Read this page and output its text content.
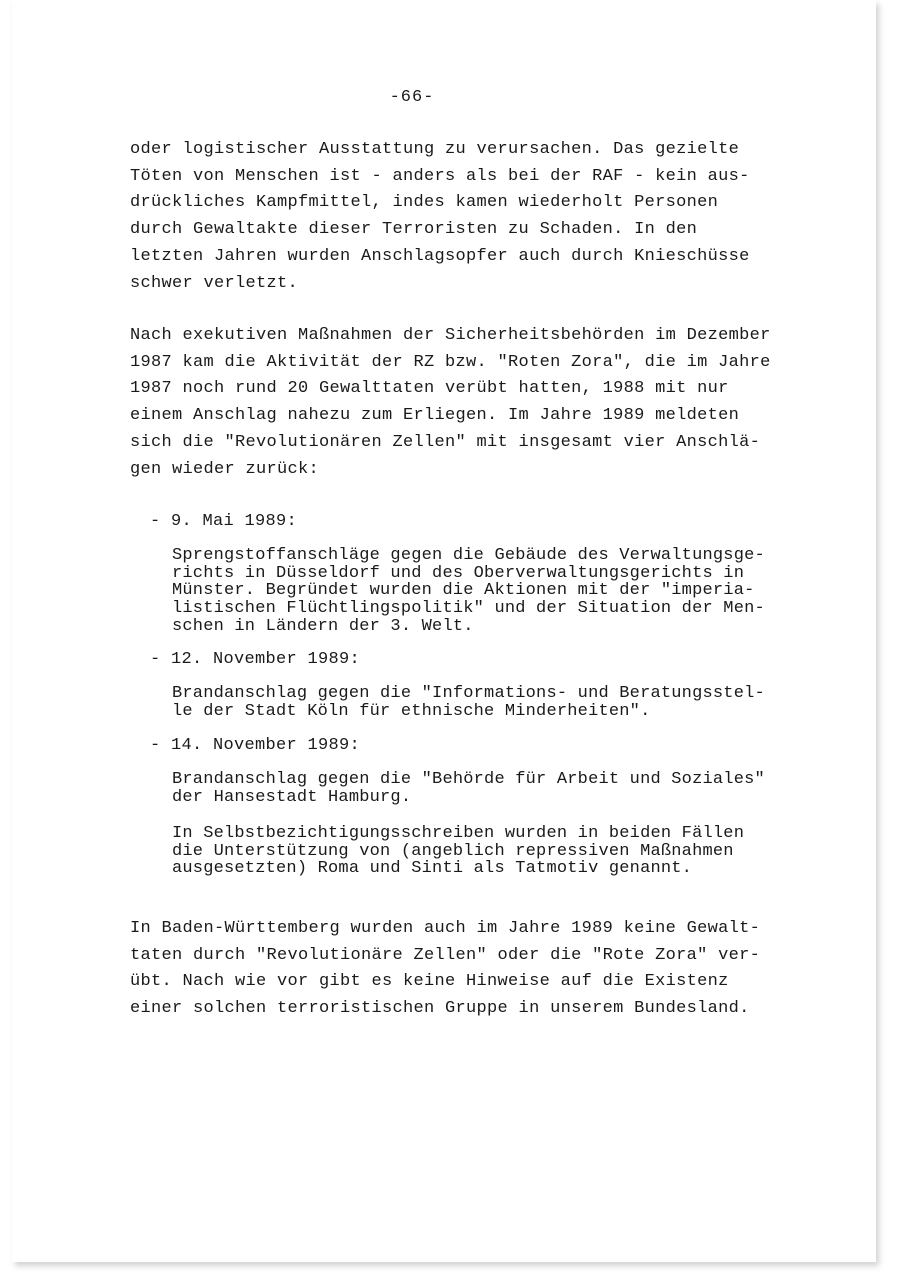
-66-

oder logistischer Ausstattung zu verursachen. Das gezielte
Töten von Menschen ist - anders als bei der RAF - kein aus-
drückliches Kampfmittel, indes kamen wiederholt Personen
durch Gewaltakte dieser Terroristen zu Schaden. In den
letzten Jahren wurden Anschlagsopfer auch durch Knieschüsse
schwer verletzt.

Nach exekutiven Maßnahmen der Sicherheitsbehörden im Dezember
1987 kam die Aktivität der RZ bzw. "Roten Zora", die im Jahre
1987 noch rund 20 Gewalttaten verübt hatten, 1988 mit nur
einem Anschlag nahezu zum Erliegen. Im Jahre 1989 meldeten
sich die "Revolutionären Zellen" mit insgesamt vier Anschlä-
gen wieder zurück:

- 9. Mai 1989:

Sprengstoffanschläge gegen die Gebäude des Verwaltungsge-
richts in Düsseldorf und des Oberverwaltungsgerichts in
Münster. Begründet wurden die Aktionen mit der "imperia-
listischen Flüchtlingspolitik" und der Situation der Men-
schen in Ländern der 3. Welt.

- 12. November 1989:

Brandanschlag gegen die "Informations- und Beratungsstel-
le der Stadt Köln für ethnische Minderheiten".

- 14. November 1989:

Brandanschlag gegen die "Behörde für Arbeit und Soziales"
der Hansestadt Hamburg.

In Selbstbezichtigungsschreiben wurden in beiden Fällen
die Unterstützung von (angeblich repressiven Maßnahmen
ausgesetzten) Roma und Sinti als Tatmotiv genannt.

In Baden-Württemberg wurden auch im Jahre 1989 keine Gewalt-
taten durch "Revolutionäre Zellen" oder die "Rote Zora" ver-
übt. Nach wie vor gibt es keine Hinweise auf die Existenz
einer solchen terroristischen Gruppe in unserem Bundesland.
